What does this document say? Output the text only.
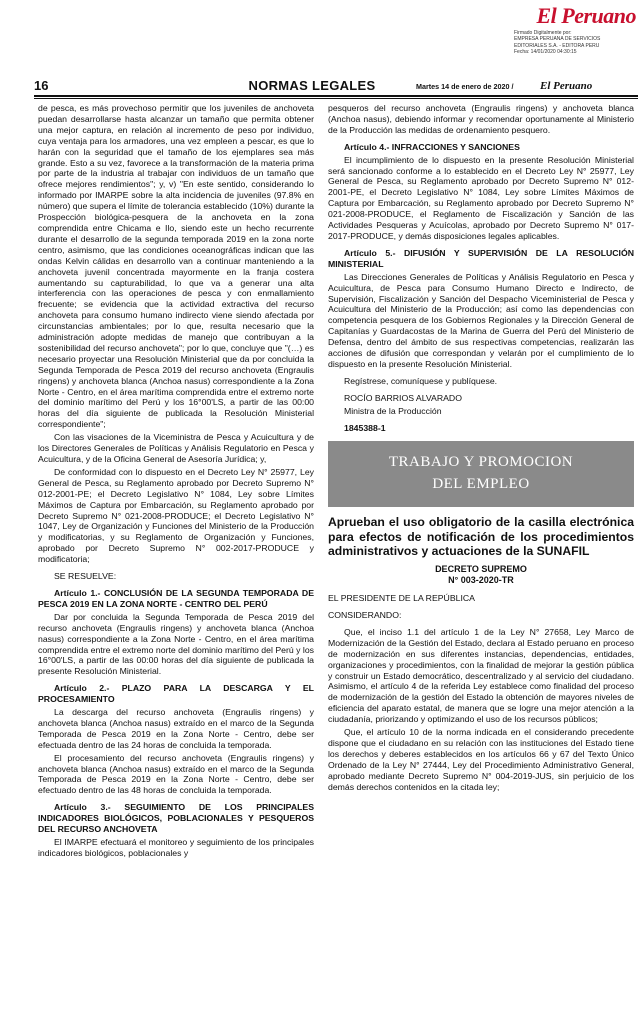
El Peruano
Firmado Digitalmente por:
EMPRESA PERUANA DE SERVICIOS
EDITORIALES S.A. - EDITORA PERU
Fecha: 14/01/2020 04:30:15
16	NORMAS LEGALES	Martes 14 de enero de 2020 / El Peruano

de pesca, es más provechoso permitir que los juveniles de anchoveta puedan desarrollarse hasta alcanzar un tamaño que permita obtener una mejor captura, en relación al incremento de peso por individuo, cuya ventaja para los armadores, una vez empleen a pescar, es que lo harán con la seguridad que el tamaño de los ejemplares sea más grande. Esto a su vez, favorece a la transformación de la materia prima por parte de la industria al trabajar con individuos de un tamaño que ofrece mejores rendimientos"; y, v) "En este sentido, considerando lo informado por IMARPE sobre la alta incidencia de juveniles (97.8% en número) que supera el límite de tolerancia establecido (10%) durante la Prospección biológica-pesquera de la anchoveta en la zona comprendida entre Chicama e Ilo, siendo este un hecho recurrente durante el desarrollo de la segunda temporada 2019 en la zona norte centro, asimismo, que las condiciones oceanográficas indican que las ondas Kelvin cálidas en desarrollo van a continuar manteniendo a la anchoveta juvenil concentrada mayormente en la franja costera aumentando su capturabilidad, lo que va a generar una alta interferencia con las operaciones de pesca y con enmallamiento frecuente; se evidencia que la actividad extractiva del recurso anchoveta para consumo humano indirecto viene siendo afectada por circunstancias ambientales; por lo que, resulta necesario que la administración adopte medidas de manejo que contribuyan a la sostenibilidad del recurso anchoveta"; por lo que, concluye que "(…) es necesario proyectar una Resolución Ministerial que da por concluida la Segunda Temporada de Pesca 2019 del recurso anchoveta (Engraulis ringens) y anchoveta blanca (Anchoa nasus) correspondiente a la Zona Norte - Centro, en el área marítima comprendida entre el extremo norte del dominio marítimo del Perú y los 16°00'LS, a partir de las 00:00 horas del día siguiente de publicada la Resolución Ministerial correspondiente";

Con las visaciones de la Viceministra de Pesca y Acuicultura y de los Directores Generales de Políticas y Análisis Regulatorio en Pesca y Acuicultura, y de la Oficina General de Asesoría Jurídica; y,

De conformidad con lo dispuesto en el Decreto Ley N° 25977, Ley General de Pesca, su Reglamento aprobado por Decreto Supremo N° 012-2001-PE; el Decreto Legislativo N° 1084, Ley sobre Límites Máximos de Captura por Embarcación, su Reglamento aprobado por Decreto Supremo N° 021-2008-PRODUCE; el Decreto Legislativo N° 1047, Ley de Organización y Funciones del Ministerio de la Producción y modificatorias, y su Reglamento de Organización y Funciones, aprobado por Decreto Supremo N° 002-2017-PRODUCE y modificatoria;

SE RESUELVE:

Artículo 1.- CONCLUSIÓN DE LA SEGUNDA TEMPORADA DE PESCA 2019 EN LA ZONA NORTE - CENTRO DEL PERÚ

Dar por concluida la Segunda Temporada de Pesca 2019 del recurso anchoveta (Engraulis ringens) y anchoveta blanca (Anchoa nasus) correspondiente a la Zona Norte - Centro, en el área marítima comprendida entre el extremo norte del dominio marítimo del Perú y los 16°00'LS, a partir de las 00:00 horas del día siguiente de publicada la presente Resolución Ministerial.

Artículo 2.- PLAZO PARA LA DESCARGA Y EL PROCESAMIENTO

La descarga del recurso anchoveta (Engraulis ringens) y anchoveta blanca (Anchoa nasus) extraído en el marco de la Segunda Temporada de Pesca 2019 en la Zona Norte - Centro, debe ser efectuada dentro de las 24 horas de concluida la temporada.

El procesamiento del recurso anchoveta (Engraulis ringens) y anchoveta blanca (Anchoa nasus) extraído en el marco de la Segunda Temporada de Pesca 2019 en la Zona Norte - Centro, debe ser efectuado dentro de las 48 horas de concluida la temporada.

Artículo 3.- SEGUIMIENTO DE LOS PRINCIPALES INDICADORES BIOLÓGICOS, POBLACIONALES Y PESQUEROS DEL RECURSO ANCHOVETA

El IMARPE efectuará el monitoreo y seguimiento de los principales indicadores biológicos, poblacionales y

pesqueros del recurso anchoveta (Engraulis ringens) y anchoveta blanca (Anchoa nasus), debiendo informar y recomendar oportunamente al Ministerio de la Producción las medidas de ordenamiento pesquero.

Artículo 4.- INFRACCIONES Y SANCIONES

El incumplimiento de lo dispuesto en la presente Resolución Ministerial será sancionado conforme a lo establecido en el Decreto Ley N° 25977, Ley General de Pesca, su Reglamento aprobado por Decreto Supremo N° 012-2001-PE, el Decreto Legislativo N° 1084, Ley sobre Límites Máximos de Captura por Embarcación, su Reglamento aprobado por Decreto Supremo N° 021-2008-PRODUCE, el Reglamento de Fiscalización y Sanción de las Actividades Pesqueras y Acuícolas, aprobado por Decreto Supremo N° 017-2017-PRODUCE, y demás disposiciones legales aplicables.

Artículo 5.- DIFUSIÓN Y SUPERVISIÓN DE LA RESOLUCIÓN MINISTERIAL

Las Direcciones Generales de Políticas y Análisis Regulatorio en Pesca y Acuicultura, de Pesca para Consumo Humano Directo e Indirecto, de Supervisión, Fiscalización y Sanción del Despacho Viceministerial de Pesca y Acuicultura del Ministerio de la Producción; así como las dependencias con competencia pesquera de los Gobiernos Regionales y la Dirección General de Capitanías y Guardacostas de la Marina de Guerra del Perú del Ministerio de Defensa, dentro del ámbito de sus respectivas competencias, realizarán las acciones de difusión que correspondan y velarán por el cumplimiento de lo dispuesto en la presente Resolución Ministerial.

Regístrese, comuníquese y publíquese.

ROCÍO BARRIOS ALVARADO

Ministra de la Producción

1845388-1

TRABAJO Y PROMOCION
DEL EMPLEO
Aprueban el uso obligatorio de la casilla electrónica para efectos de notificación de los procedimientos administrativos y actuaciones de la SUNAFIL
DECRETO SUPREMO
N° 003-2020-TR

EL PRESIDENTE DE LA REPÚBLICA

CONSIDERANDO:

Que, el inciso 1.1 del artículo 1 de la Ley N° 27658, Ley Marco de Modernización de la Gestión del Estado, declara al Estado peruano en proceso de modernización en sus diferentes instancias, dependencias, entidades, organizaciones y procedimientos, con la finalidad de mejorar la gestión pública y construir un Estado democrático, descentralizado y al servicio del ciudadano. Asimismo, el artículo 4 de la referida Ley establece como finalidad del proceso de modernización de la gestión del Estado la obtención de mayores niveles de eficiencia del aparato estatal, de manera que se logre una mejor atención a la ciudadanía, priorizando y optimizando el uso de los recursos públicos;

Que, el artículo 10 de la norma indicada en el considerando precedente dispone que el ciudadano en su relación con las instituciones del Estado tiene los derechos y deberes establecidos en los artículos 66 y 67 del Texto Único Ordenado de la Ley N° 27444, Ley del Procedimiento Administrativo General, aprobado mediante Decreto Supremo N° 004-2019-JUS, sin perjuicio de los demás derechos contenidos en la citada ley;
